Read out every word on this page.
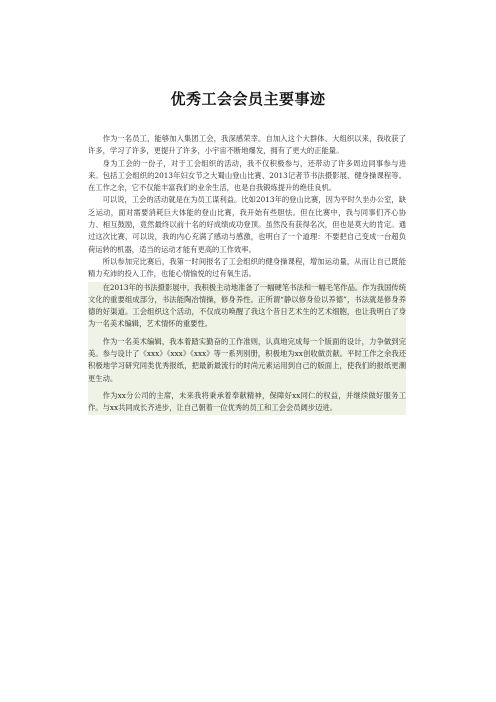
优秀工会会员主要事迹

作为一名员工，能够加入集团工会，我深感荣幸。自加入这个大群体、大组织以来，我收获了许多，学习了许多，更提升了许多，小宇宙不断地爆发，拥有了更大的正能量。

身为工会的一份子，对于工会组织的活动，我不仅积极参与，还带动了许多周边同事参与进来。包括工会组织的2013年妇女节之大蜀山登山比赛、2013记者节书法摄影展、健身操课程等。在工作之余，它不仅能丰富我们的业余生活，也是自我锻炼提升的绝佳良机。

可以说，工会的活动就是在为员工谋利益。比如2013年的登山比赛，因为平时久坐办公室，缺乏运动，面对需要消耗巨大体能的登山比赛，我开始有些胆怯。但在比赛中，我与同事们齐心协力、相互鼓励，竟然最终以前十名的好成绩成功登顶。虽然没有获得名次，但也是莫大的肯定。通过这次比赛，可以说，我的内心充满了感动与感激，也明白了一个道理：不要把自己变成一台超负荷运转的机器，适当的运动才能有更高的工作效率。

所以参加完比赛后，我第一时间报名了工会组织的健身操课程，增加运动量，从而让自己既能精力充沛的投入工作，也能心情愉悦的过有氧生活。

在2013年的书法摄影展中，我积极主动地准备了一幅硬笔书法和一幅毛笔作品。作为我国传统文化的重要组成部分，书法能陶冶情操，修身养性。正所谓“静以修身俭以养德”，书法就是修身养德的好渠道。工会组织这个活动，不仅成功唤醒了我这个昔日艺术生的艺术细胞，也让我明白了身为一名美术编辑，艺术情怀的重要性。

作为一名美术编辑，我本着踏实勤奋的工作准则，认真地完成每一个版面的设计，力争做到完美。参与设计了《xxx》《xxx》《xxx》等一系列别册，积极地为xx创收做贡献。平时工作之余我还积极地学习研究同类优秀报纸，把最新最流行的时尚元素运用到自己的版面上，使我们的报纸更潮更生动。

作为xx分公司的主席，未来我将秉承着奉献精神，保障好xx同仁的权益，并继续做好服务工作。与xx共同成长齐进步，让自己朝着一位优秀的员工和工会会员阔步迈进。
